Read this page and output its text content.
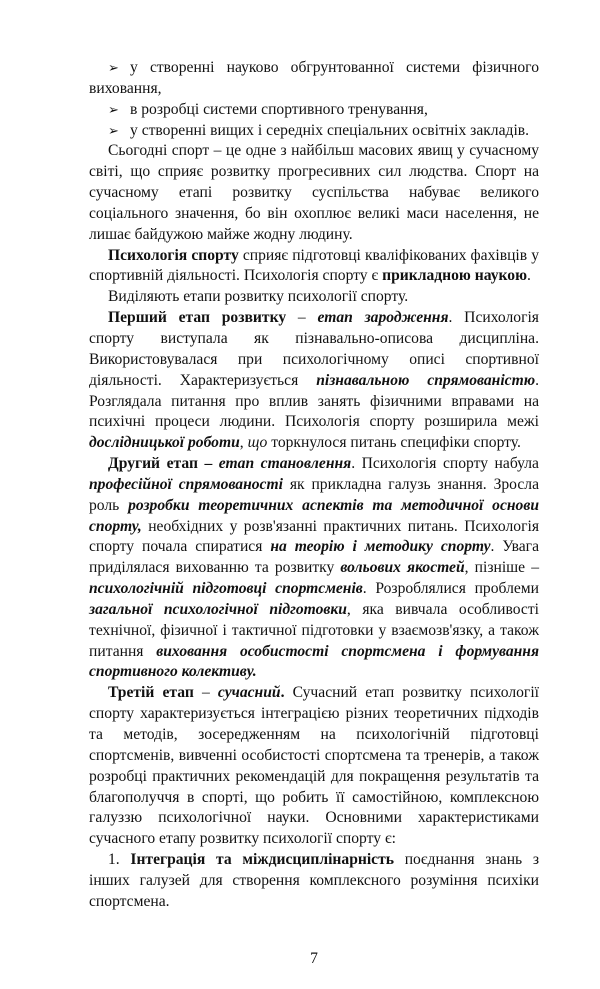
➢ у створенні науково обгрунтованної системи фізичного виховання,

➢ в розробці системи спортивного тренування,

➢ у створенні вищих і середніх спеціальних освітніх закладів.

Сьогодні спорт – це одне з найбільш масових явищ у сучасному світі, що сприяє розвитку прогресивних сил людства. Спорт на сучасному етапі розвитку суспільства набуває великого соціального значення, бо він охоплює великі маси населення, не лишає байдужою майже жодну людину.

Психологія спорту сприяє підготовці кваліфікованих фахівців у спортивній діяльності. Психологія спорту є прикладною наукою.

Виділяють етапи розвитку психології спорту.

Перший етап розвитку – етап зародження. Психологія спорту виступала як пізнавально-описова дисципліна. Використовувалася при психологічному описі спортивної діяльності. Характеризується пізнавальною спрямованістю. Розглядала питання про вплив занять фізичними вправами на психічні процеси людини. Психологія спорту розширила межі дослідницької роботи, що торкнулося питань специфіки спорту.

Другий етап – етап становлення. Психологія спорту набула професійної спрямованості як прикладна галузь знання. Зросла роль розробки теоретичних аспектів та методичної основи спорту, необхідних у розв'язанні практичних питань. Психологія спорту почала спиратися на теорію і методику спорту. Увага приділялася вихованню та розвитку вольових якостей, пізніше – психологічній підготовці спортсменів. Розроблялися проблеми загальної психологічної підготовки, яка вивчала особливості технічної, фізичної і тактичної підготовки у взаємозв'язку, а також питання виховання особистості спортсмена і формування спортивного колективу.

Третій етап – сучасний. Сучасний етап розвитку психології спорту характеризується інтеграцією різних теоретичних підходів та методів, зосередженням на психологічній підготовці спортсменів, вивченні особистості спортсмена та тренерів, а також розробці практичних рекомендацій для покращення результатів та благополуччя в спорті, що робить її самостійною, комплексною галуззю психологічної науки. Основними характеристиками сучасного етапу розвитку психології спорту є:

1. Інтеграція та міждисциплінарність поєднання знань з інших галузей для створення комплексного розуміння психіки спортсмена.

7
